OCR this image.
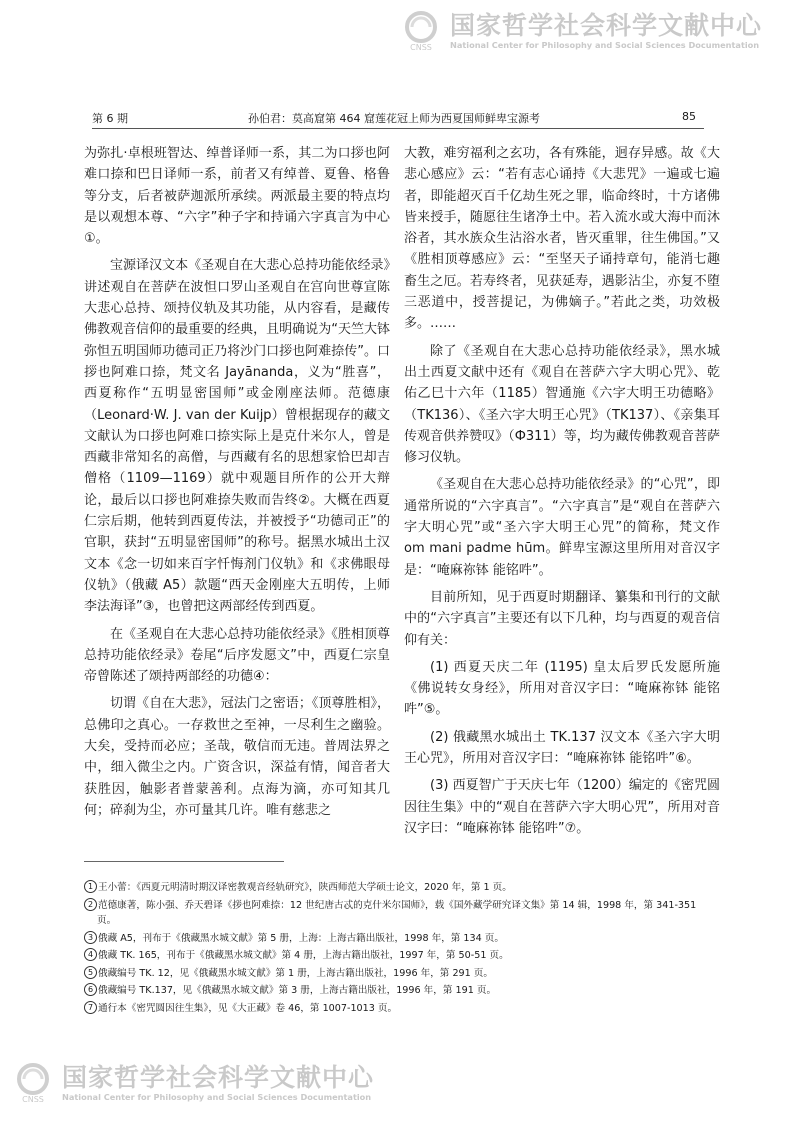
CNSS
国家哲学社会科学文献中心
National Center for Philosophy and Social Sciences Documentation
第 6 期	孙伯君：莫高窟第 464 窟莲花冠上师为西夏国师鲜卑宝源考	85

为弥扎·卓根班智达、绰普译师一系，其二为口拶也阿难口捺和巴日译师一系，前者又有绰普、夏鲁、格鲁等分支，后者被萨迦派所承续。两派最主要的特点均是以观想本尊、“六字”种子字和持诵六字真言为中心①。

宝源译汉文本《圣观自在大悲心总持功能依经录》讲述观自在菩萨在波怛口罗山圣观自在宫向世尊宣陈大悲心总持、颂持仪轨及其功能，从内容看，是藏传佛教观音信仰的最重要的经典，且明确说为“天竺大钵弥怛五明国师功德司正乃将沙门口拶也阿难捺传”。口拶也阿难口捺，梵文名 Jayānanda，义为“胜喜”，西夏称作“五明显密国师”或金刚座法师。范德康（Leonard·W. J. van der Kuijp）曾根据现存的藏文文献认为口拶也阿难口捺实际上是克什米尔人，曾是西藏非常知名的高僧，与西藏有名的思想家恰巴却吉僧格（1109—1169）就中观题目所作的公开大辩论，最后以口拶也阿难捺失败而告终②。大概在西夏仁宗后期，他转到西夏传法，并被授予“功德司正”的官职，获封“五明显密国师”的称号。据黑水城出土汉文本《念一切如来百字忏悔剂门仪轨》和《求佛眼母仪轨》（俄藏 A5）款题“西天金刚座大五明传，上师李法海译”③，也曾把这两部经传到西夏。

在《圣观自在大悲心总持功能依经录》《胜相顶尊总持功能依经录》卷尾“后序发愿文”中，西夏仁宗皇帝曾陈述了颂持两部经的功德④：

切谓《自在大悲》，冠法门之密语；《顶尊胜相》，总佛印之真心。一存救世之至神，一尽利生之幽验。大矣，受持而必应；圣哉，敬信而无违。普周法界之中，细入微尘之内。广资含识，深益有情，闻音者大获胜因，触影者普蒙善利。点海为滴，亦可知其几何；碎刹为尘，亦可量其几许。唯有慈悲之

大教，难穷福利之玄功，各有殊能，迥存异感。故《大悲心感应》云：“若有志心诵持《大悲咒》一遍或七遍者，即能超灭百千亿劫生死之罪，临命终时，十方诸佛皆来授手，随愿往生诸净土中。若入流水或大海中而沐浴者，其水族众生沾浴水者，皆灭重罪，往生佛国。”又《胜相顶尊感应》云：“至坚天子诵持章句，能消七趣畜生之厄。若寿终者，见获延寿，遇影沾尘，亦复不堕三恶道中，授菩提记，为佛嫡子。”若此之类，功效极多。……

除了《圣观自在大悲心总持功能依经录》，黑水城出土西夏文献中还有《观自在菩萨六字大明心咒》、乾佑乙巳十六年（1185）智通施《六字大明王功德略》（TK136）、《圣六字大明王心咒》（TK137）、《亲集耳传观音供养赞叹》（Ф311）等，均为藏传佛教观音菩萨修习仪轨。

《圣观自在大悲心总持功能依经录》的“心咒”，即通常所说的“六字真言”。“六字真言”是“观自在菩萨六字大明心咒”或“圣六字大明王心咒”的简称，梵文作 om mani padme hūm。鲜卑宝源这里所用对音汉字是：“唵麻祢钵 能铭吽”。

目前所知，见于西夏时期翻译、纂集和刊行的文献中的“六字真言”主要还有以下几种，均与西夏的观音信仰有关：

(1) 西夏天庆二年 (1195) 皇太后罗氏发愿所施《佛说转女身经》，所用对音汉字曰：“唵麻祢钵 能铭吽”⑤。

(2) 俄藏黑水城出土 TK.137 汉文本《圣六字大明王心咒》，所用对音汉字曰：“唵麻祢钵 能铭吽”⑥。

(3) 西夏智广于天庆七年（1200）编定的《密咒圆因往生集》中的“观自在菩萨六字大明心咒”，所用对音汉字曰：“唵麻祢钵 能铭吽”⑦。

1 王小蕾：《西夏元明清时期汉译密教观音经轨研究》，陕西师范大学硕士论文，2020 年，第 1 页。
2 范德康著，陈小强、乔天碧译《拶也阿难捺：12 世纪唐古忒的克什米尔国师》，载《国外藏学研究译文集》第 14 辑，1998 年，第 341-351 页。
3 俄藏 A5，刊布于《俄藏黑水城文献》第 5 册，上海：上海古籍出版社，1998 年，第 134 页。
4 俄藏 TK. 165，刊布于《俄藏黑水城文献》第 4 册，上海古籍出版社，1997 年，第 50-51 页。
5 俄藏编号 TK. 12，见《俄藏黑水城文献》第 1 册，上海古籍出版社，1996 年，第 291 页。
6 俄藏编号 TK.137，见《俄藏黑水城文献》第 3 册，上海古籍出版社，1996 年，第 191 页。
7 通行本《密咒圆因往生集》，见《大正藏》卷 46，第 1007-1013 页。
CNSS
国家哲学社会科学文献中心
National Center for Philosophy and Social Sciences Documentation
